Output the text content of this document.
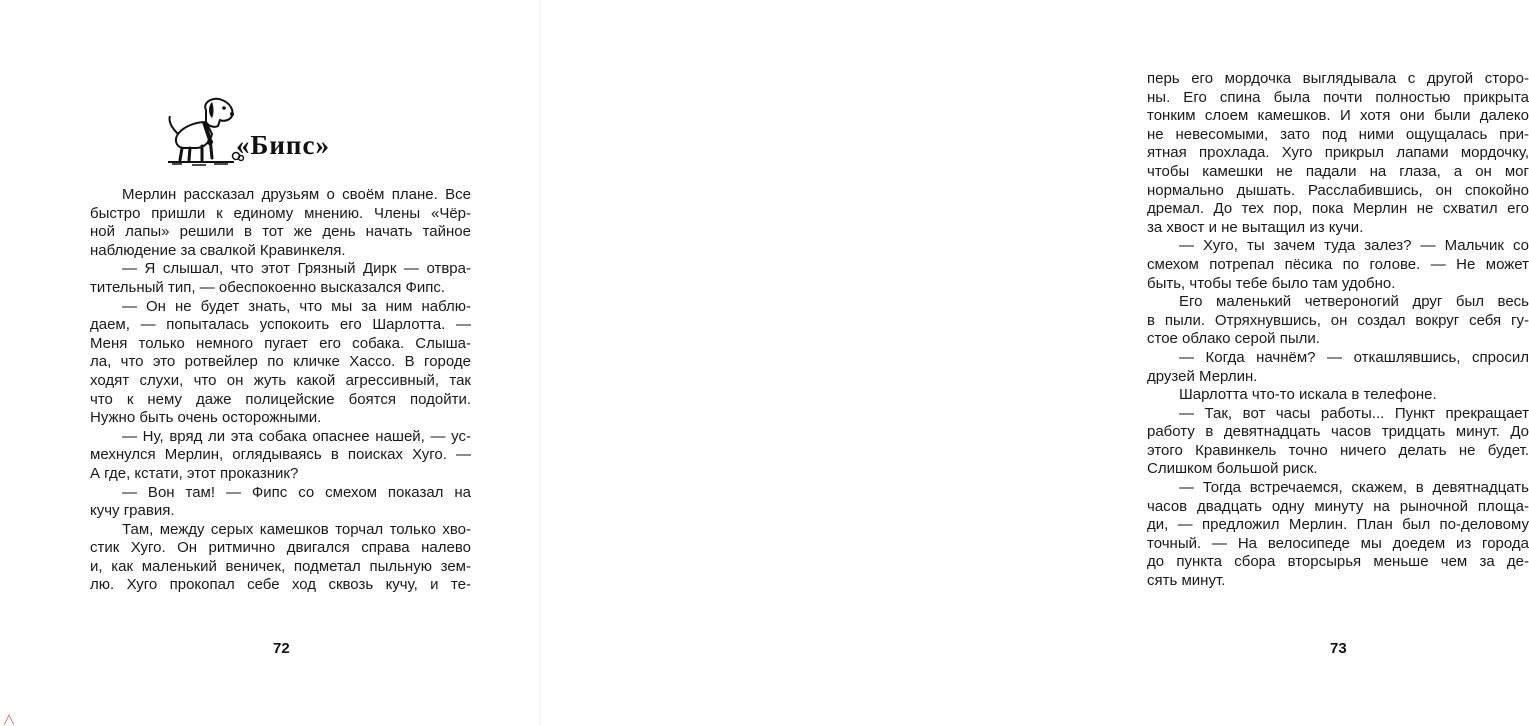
«Бипс»

Мерлин рассказал друзьям о своём плане. Все

быстро пришли к единому мнению. Члены «Чёр-

ной лапы» решили в тот же день начать тайное

наблюдение за свалкой Кравинкеля.

— Я слышал, что этот Грязный Дирк — отвра-

тительный тип, — обеспокоенно высказался Фипс.

— Он не будет знать, что мы за ним наблю-

даем, — попыталась успокоить его Шарлотта. —

Меня только немного пугает его собака. Слыша-

ла, что это ротвейлер по кличке Хассо. В городе

ходят слухи, что он жуть какой агрессивный, так

что к нему даже полицейские боятся подойти.

Нужно быть очень осторожными.

— Ну, вряд ли эта собака опаснее нашей, — ус-

мехнулся Мерлин, оглядываясь в поисках Хуго. —

А где, кстати, этот проказник?

— Вон там! — Фипс со смехом показал на

кучу гравия.

Там, между серых камешков торчал только хво-

стик Хуго. Он ритмично двигался справа налево

и, как маленький веничек, подметал пыльную зем-

лю. Хуго прокопал себе ход сквозь кучу, и те-

72

перь его мордочка выглядывала с другой сторо-

ны. Его спина была почти полностью прикрыта

тонким слоем камешков. И хотя они были далеко

не невесомыми, зато под ними ощущалась при-

ятная прохлада. Хуго прикрыл лапами мордочку,

чтобы камешки не падали на глаза, а он мог

нормально дышать. Расслабившись, он спокойно

дремал. До тех пор, пока Мерлин не схватил его

за хвост и не вытащил из кучи.

— Хуго, ты зачем туда залез? — Мальчик со

смехом потрепал пёсика по голове. — Не может

быть, чтобы тебе было там удобно.

Его маленький четвероногий друг был весь

в пыли. Отряхнувшись, он создал вокруг себя гу-

стое облако серой пыли.

— Когда начнём? — откашлявшись, спросил

друзей Мерлин.

Шарлотта что-то искала в телефоне.

— Так, вот часы работы... Пункт прекращает

работу в девятнадцать часов тридцать минут. До

этого Кравинкель точно ничего делать не будет.

Слишком большой риск.

— Тогда встречаемся, скажем, в девятнадцать

часов двадцать одну минуту на рыночной площа-

ди, — предложил Мерлин. План был по-деловому

точный. — На велосипеде мы доедем из города

до пункта сбора вторсырья меньше чем за де-

сять минут.

73
